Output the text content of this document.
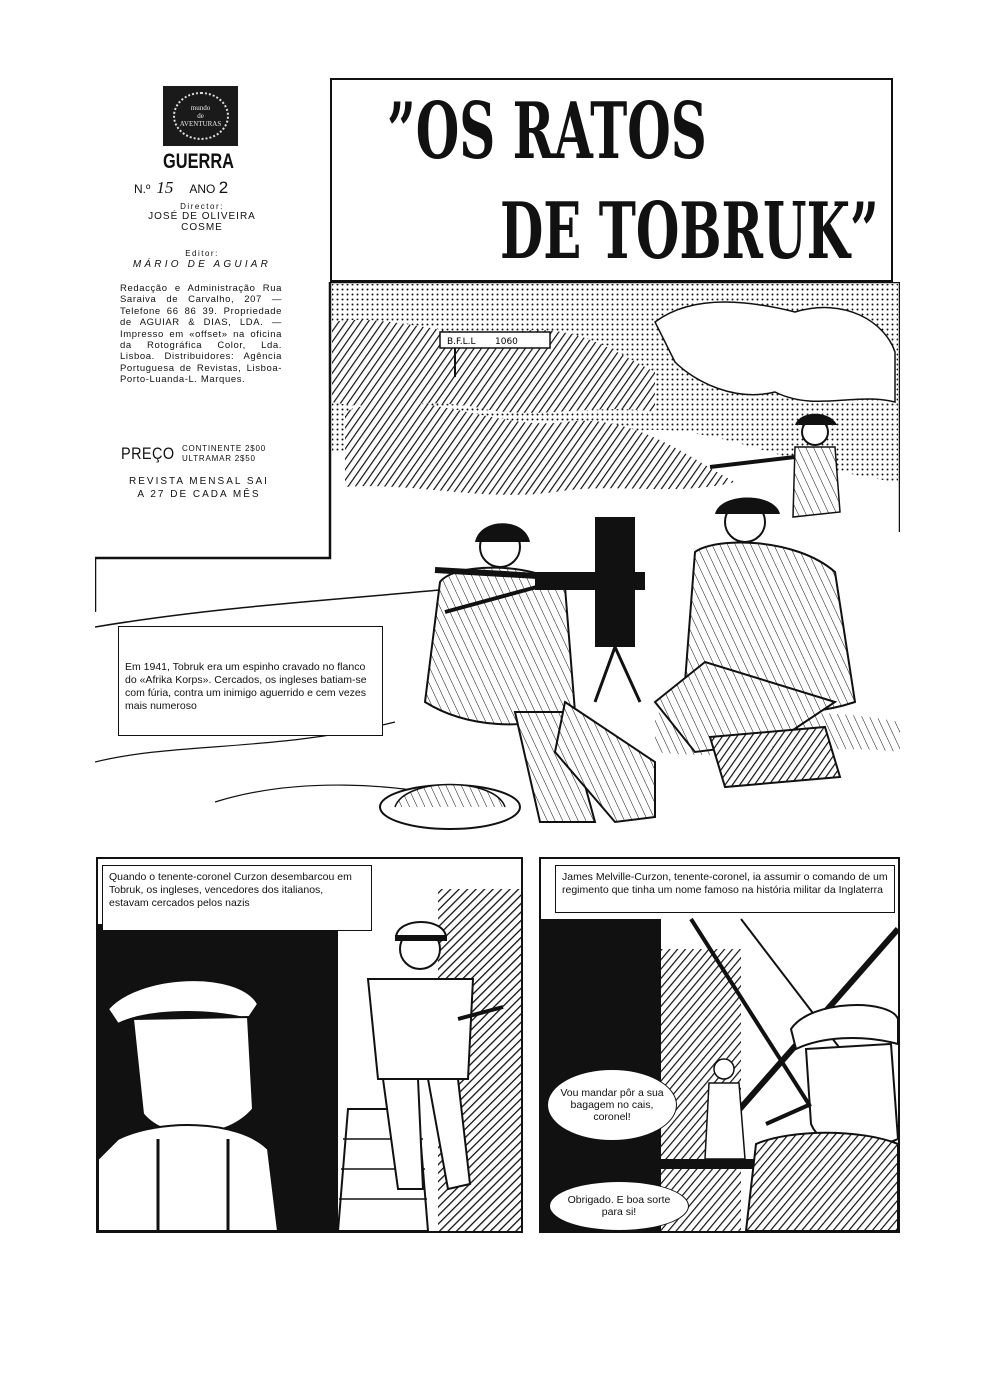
mundo
de
AVENTURAS
GUERRA
N.º 15 ANO 2
Director:
JOSÉ DE OLIVEIRA COSME
Editor:
MÁRIO DE AGUIAR
Redacção e Administração Rua Saraiva de Carvalho, 207 — Telefone 66 86 39. Propriedade de AGUIAR & DIAS, LDA. — Impresso em «offset» na oficina da Rotográfica Color, Lda. Lisboa. Distribuidores: Agência Portuguesa de Revistas, Lisboa-Porto-Luanda-L. Marques.
PREÇO CONTINENTE 2$00
ULTRAMAR 2$50
REVISTA MENSAL SAI A 27 DE CADA MÊS
”OS RATOS
DE TOBRUK”
B.F.L.L 1060
Em 1941, Tobruk era um espinho cravado no flanco do «Afrika Korps». Cercados, os ingleses batiam-se com fúria, contra um inimigo aguerrido e cem vezes mais numeroso
Quando o tenente-coronel Curzon desembarcou em Tobruk, os ingleses, vencedores dos italianos, estavam cercados pelos nazis
James Melville-Curzon, tenente-coronel, ia assumir o comando de um regimento que tinha um nome famoso na história militar da Inglaterra
Vou mandar pôr a sua bagagem no cais, coronel!
Obrigado. E boa sorte para si!
